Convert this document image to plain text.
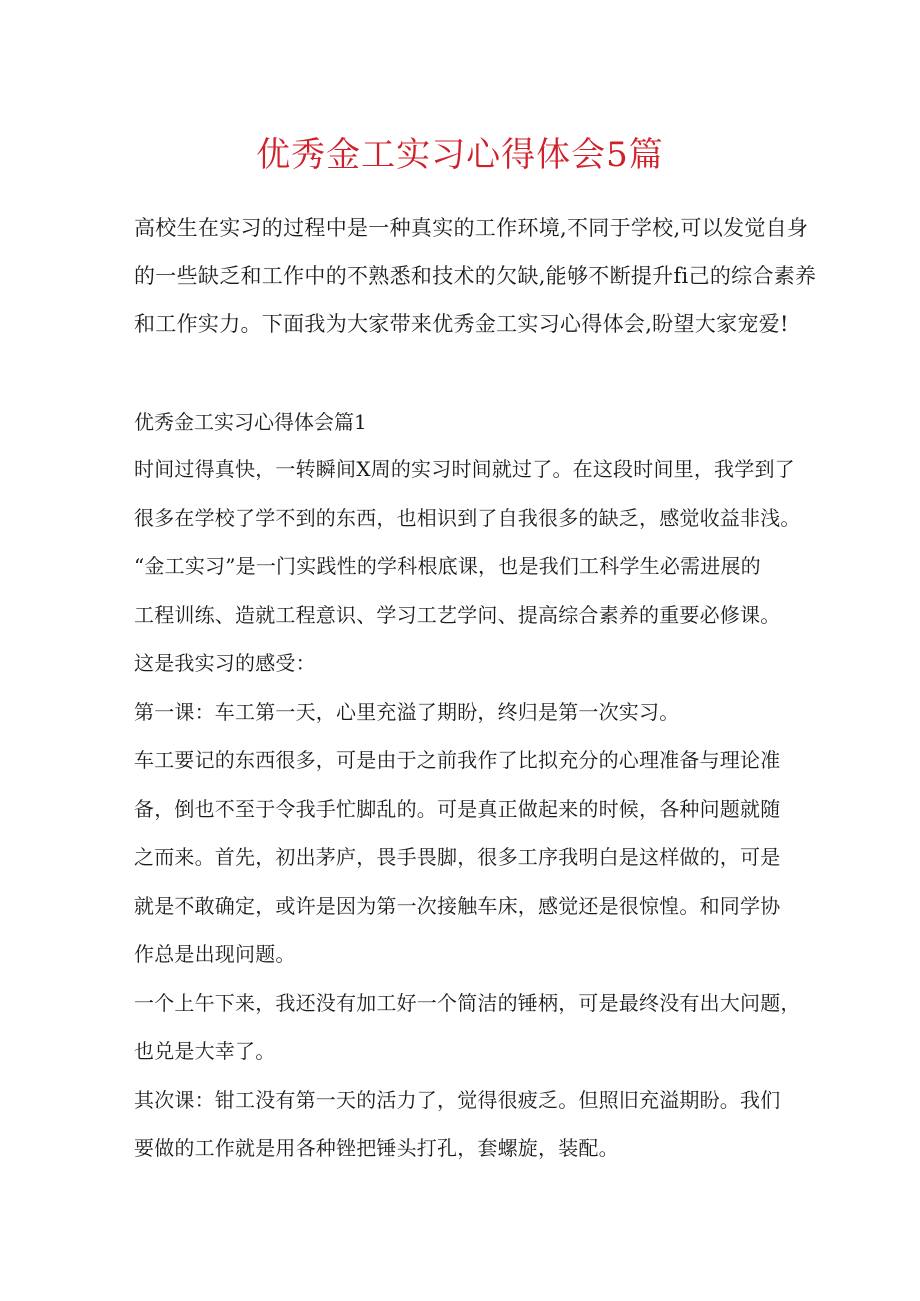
优秀金工实习心得体会5篇

高校生在实习的过程中是一种真实的工作环境,不同于学校,可以发觉自身

的一些缺乏和工作中的不熟悉和技术的欠缺,能够不断提升fi己的综合素养

和工作实力。下面我为大家带来优秀金工实习心得体会,盼望大家宠爱!

优秀金工实习心得体会篇1

时间过得真快，一转瞬间X周的实习时间就过了。在这段时间里，我学到了

很多在学校了学不到的东西，也相识到了自我很多的缺乏，感觉收益非浅。

“金工实习”是一门实践性的学科根底课，也是我们工科学生必需进展的

工程训练、造就工程意识、学习工艺学问、提高综合素养的重要必修课。

这是我实习的感受：

第一课：车工第一天，心里充溢了期盼，终归是第一次实习。

车工要记的东西很多，可是由于之前我作了比拟充分的心理准备与理论准

备，倒也不至于令我手忙脚乱的。可是真正做起来的时候，各种问题就随

之而来。首先，初出茅庐，畏手畏脚，很多工序我明白是这样做的，可是

就是不敢确定，或许是因为第一次接触车床，感觉还是很惊惶。和同学协

作总是出现问题。

一个上午下来，我还没有加工好一个简洁的锤柄，可是最终没有出大问题，

也兑是大幸了。

其次课：钳工没有第一天的活力了，觉得很疲乏。但照旧充溢期盼。我们

要做的工作就是用各种锉把锤头打孔，套螺旋，装配。
